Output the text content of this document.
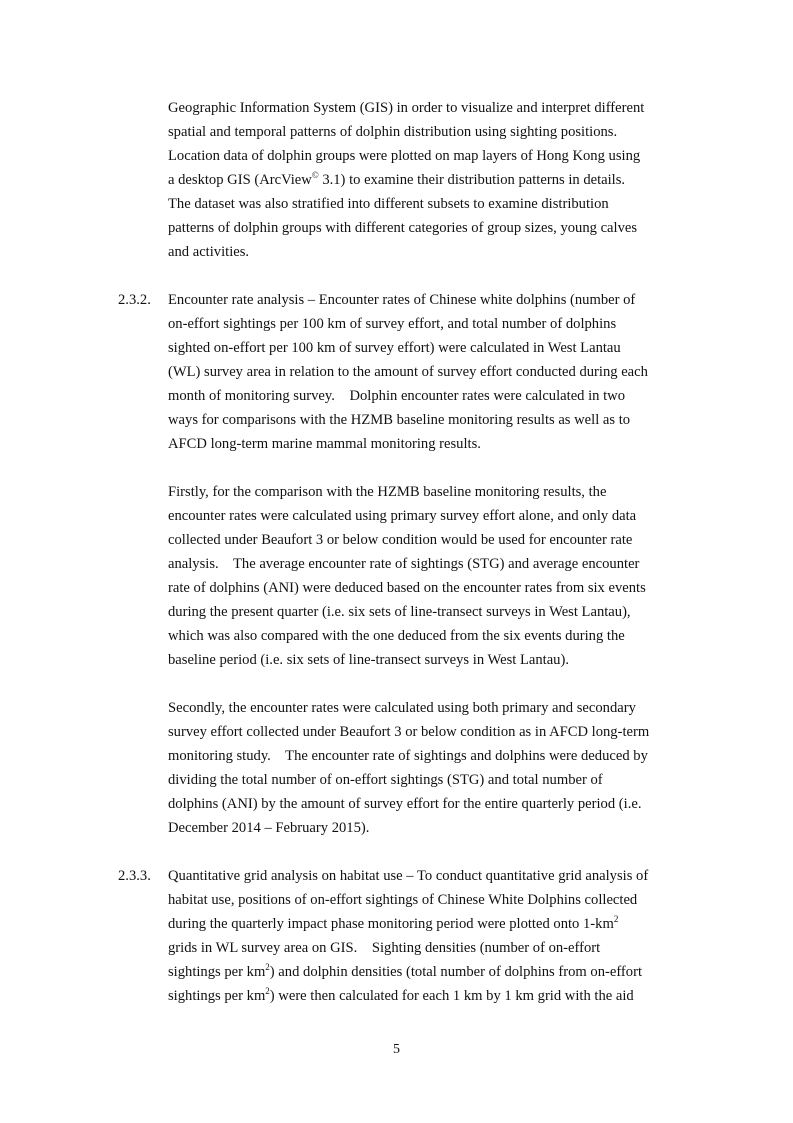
Geographic Information System (GIS) in order to visualize and interpret different
spatial and temporal patterns of dolphin distribution using sighting positions.
Location data of dolphin groups were plotted on map layers of Hong Kong using
a desktop GIS (ArcView© 3.1) to examine their distribution patterns in details.
The dataset was also stratified into different subsets to examine distribution
patterns of dolphin groups with different categories of group sizes, young calves
and activities.
2.3.2. Encounter rate analysis – Encounter rates of Chinese white dolphins (number of
on-effort sightings per 100 km of survey effort, and total number of dolphins
sighted on-effort per 100 km of survey effort) were calculated in West Lantau
(WL) survey area in relation to the amount of survey effort conducted during each
month of monitoring survey.    Dolphin encounter rates were calculated in two
ways for comparisons with the HZMB baseline monitoring results as well as to
AFCD long-term marine mammal monitoring results.
Firstly, for the comparison with the HZMB baseline monitoring results, the
encounter rates were calculated using primary survey effort alone, and only data
collected under Beaufort 3 or below condition would be used for encounter rate
analysis.    The average encounter rate of sightings (STG) and average encounter
rate of dolphins (ANI) were deduced based on the encounter rates from six events
during the present quarter (i.e. six sets of line-transect surveys in West Lantau),
which was also compared with the one deduced from the six events during the
baseline period (i.e. six sets of line-transect surveys in West Lantau).
Secondly, the encounter rates were calculated using both primary and secondary
survey effort collected under Beaufort 3 or below condition as in AFCD long-term
monitoring study.    The encounter rate of sightings and dolphins were deduced by
dividing the total number of on-effort sightings (STG) and total number of
dolphins (ANI) by the amount of survey effort for the entire quarterly period (i.e.
December 2014 – February 2015).
2.3.3. Quantitative grid analysis on habitat use – To conduct quantitative grid analysis of
habitat use, positions of on-effort sightings of Chinese White Dolphins collected
during the quarterly impact phase monitoring period were plotted onto $1-km^2$
grids in WL survey area on GIS.    Sighting densities (number of on-effort
sightings per $km^2$) and dolphin densities (total number of dolphins from on-effort
sightings per $km^2$) were then calculated for each 1 km by 1 km grid with the aid
5
